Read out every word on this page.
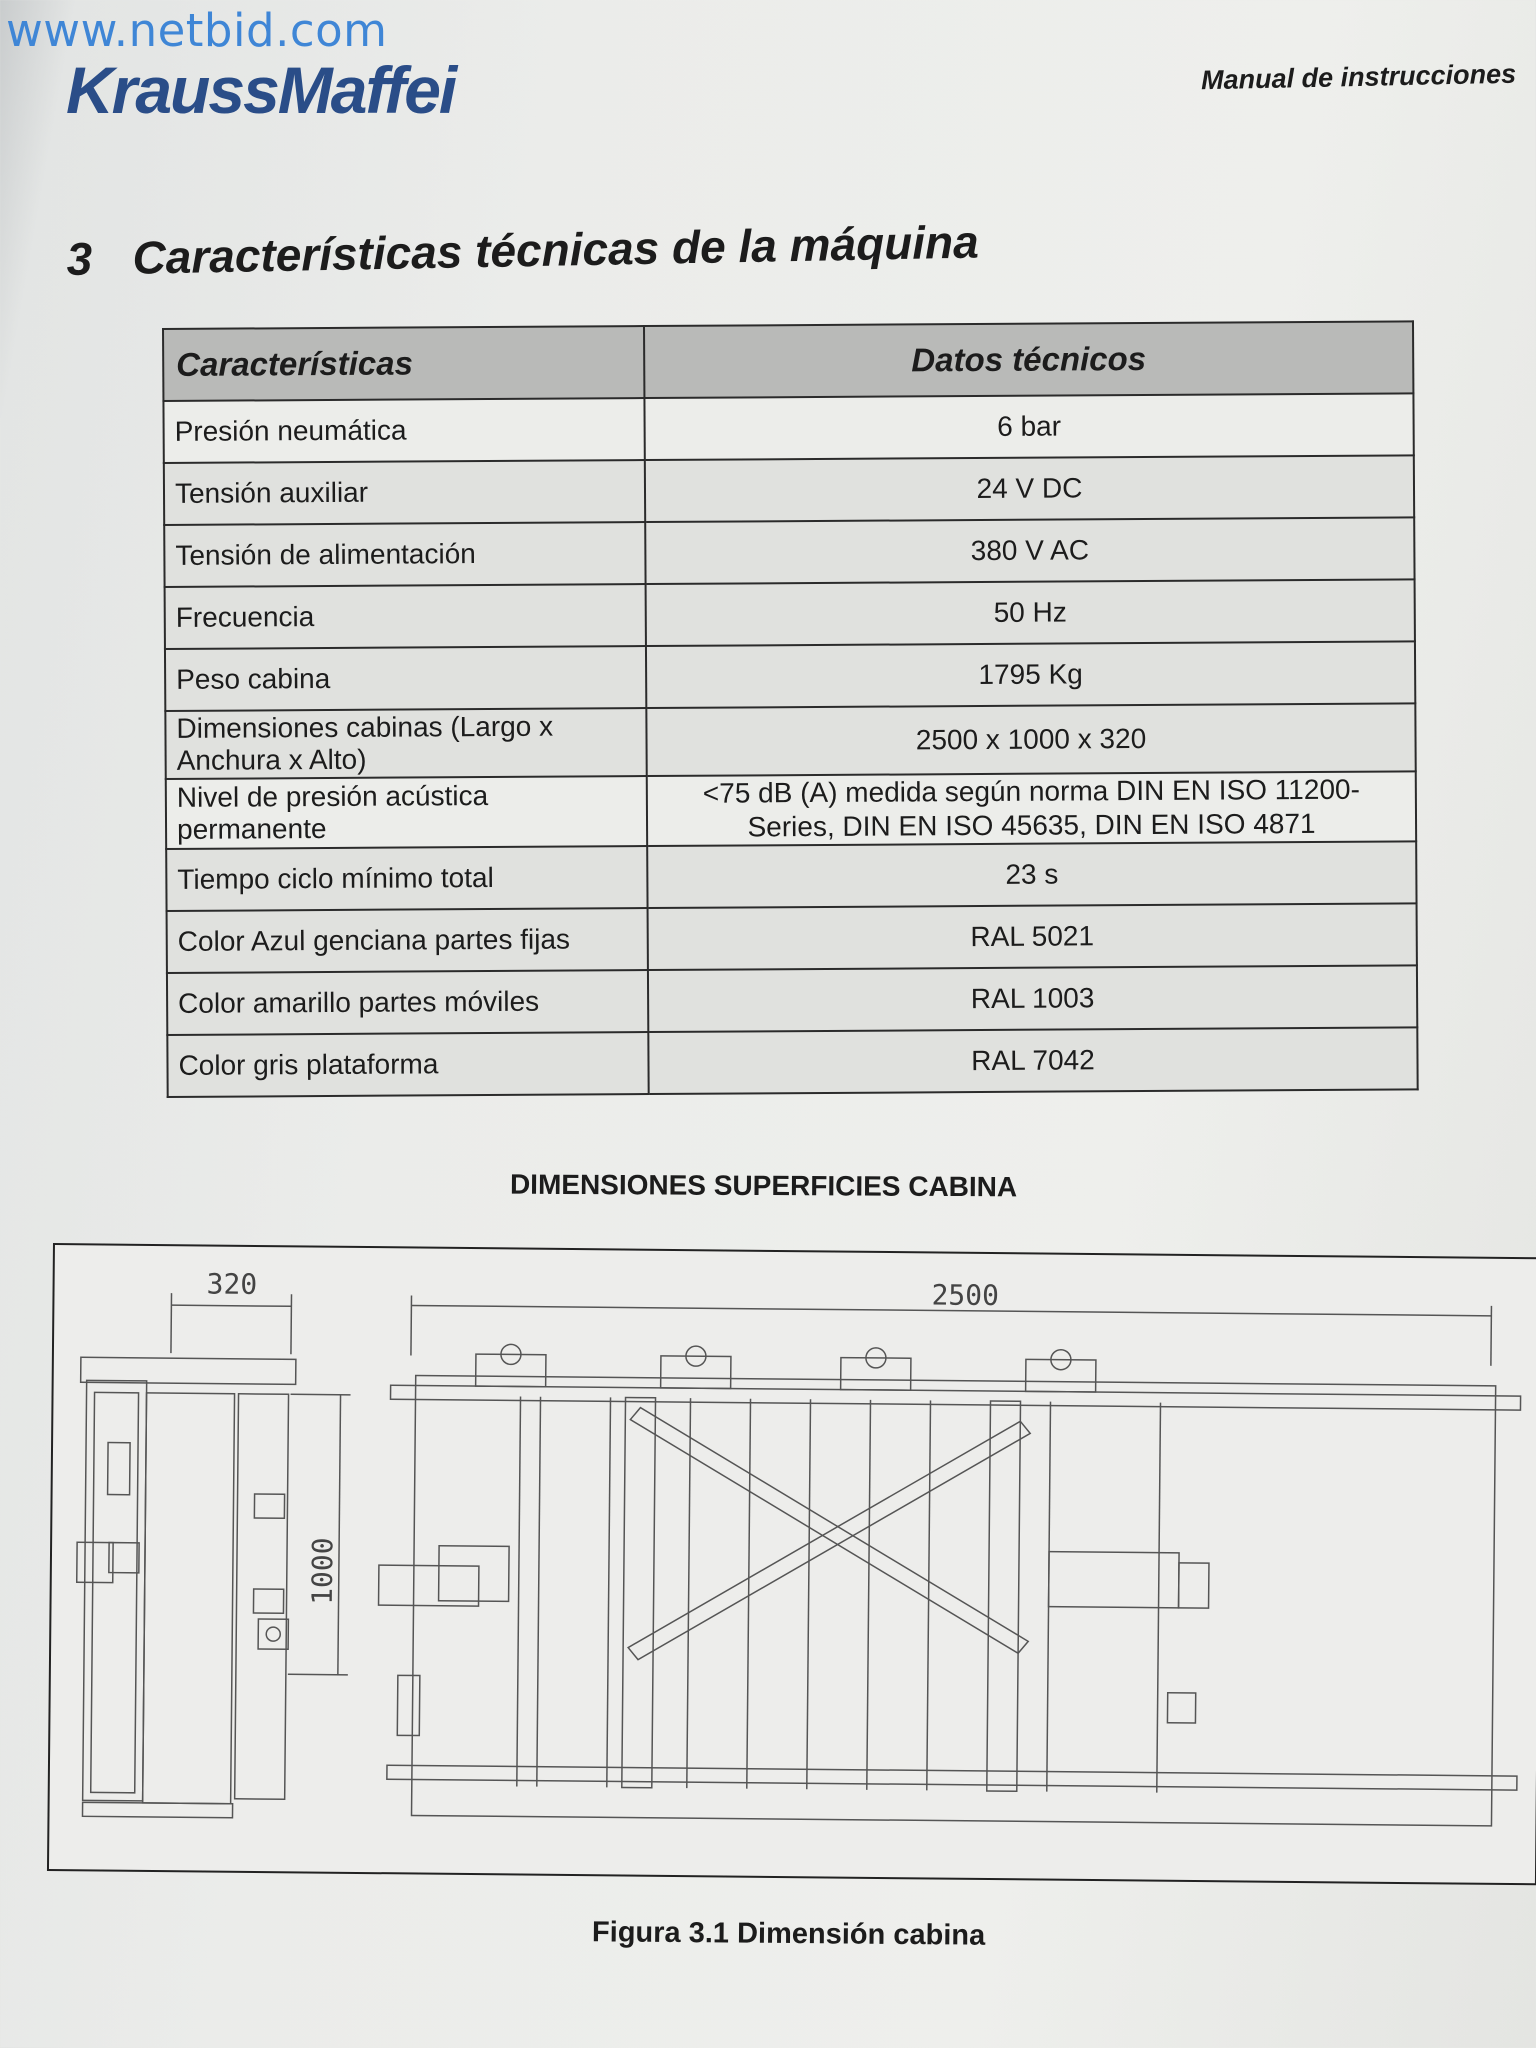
www.netbid.com
KraussMaffei	Manual de instrucciones
3 Características técnicas de la máquina
Características	Datos técnicos
Presión neumática	6 bar
Tensión auxiliar	24 V DC
Tensión de alimentación	380 V AC
Frecuencia	50 Hz
Peso cabina	1795 Kg
Dimensiones cabinas (Largo x Anchura x Alto)	2500 x 1000 x 320
Nivel de presión acústica permanente	<75 dB (A) medida según norma DIN EN ISO 11200-Series, DIN EN ISO 45635, DIN EN ISO 4871
Tiempo ciclo mínimo total	23 s
Color Azul genciana partes fijas	RAL 5021
Color amarillo partes móviles	RAL 1003
Color gris plataforma	RAL 7042
DIMENSIONES SUPERFICIES CABINA
320
1000
2500
Figura 3.1 Dimensión cabina
